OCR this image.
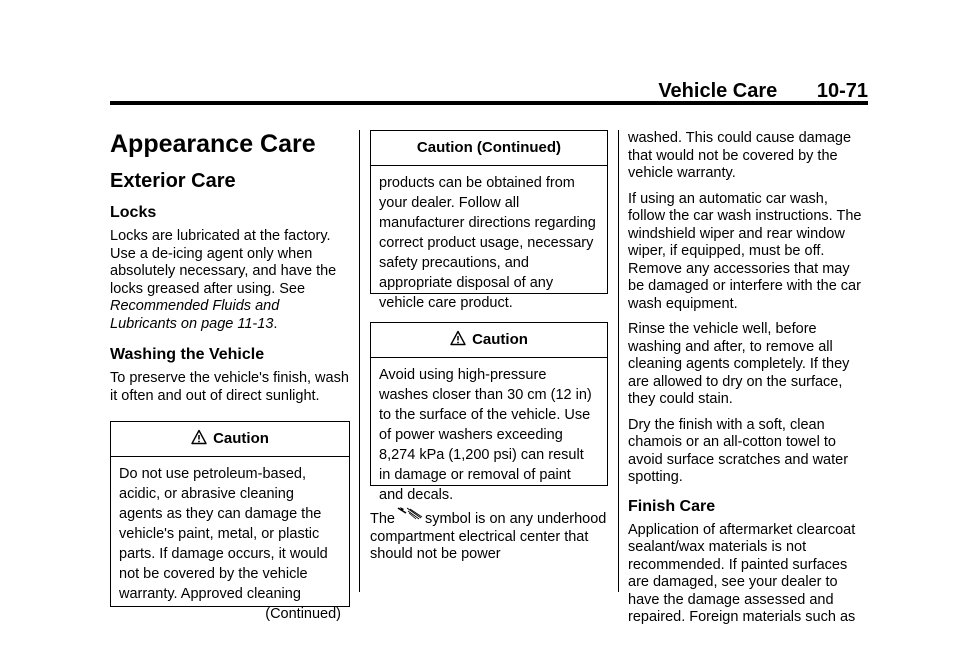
Vehicle Care 10-71
Appearance Care
Exterior Care
Locks

Locks are lubricated at the factory. Use a de-icing agent only when absolutely necessary, and have the locks greased after using. See Recommended Fluids and Lubricants on page 11-13.

Washing the Vehicle

To preserve the vehicle's finish, wash it often and out of direct sunlight.

Caution
Do not use petroleum-based, acidic, or abrasive cleaning agents as they can damage the vehicle's paint, metal, or plastic parts. If damage occurs, it would not be covered by the vehicle warranty. Approved cleaning
(Continued)
Caution (Continued)
products can be obtained from your dealer. Follow all manufacturer directions regarding correct product usage, necessary safety precautions, and appropriate disposal of any vehicle care product.
Caution
Avoid using high-pressure washes closer than 30 cm (12 in) to the surface of the vehicle. Use of power washers exceeding 8,274 kPa (1,200 psi) can result in damage or removal of paint and decals.

The symbol is on any underhood compartment electrical center that should not be power

washed. This could cause damage that would not be covered by the vehicle warranty.

If using an automatic car wash, follow the car wash instructions. The windshield wiper and rear window wiper, if equipped, must be off. Remove any accessories that may be damaged or interfere with the car wash equipment.

Rinse the vehicle well, before washing and after, to remove all cleaning agents completely. If they are allowed to dry on the surface, they could stain.

Dry the finish with a soft, clean chamois or an all-cotton towel to avoid surface scratches and water spotting.

Finish Care

Application of aftermarket clearcoat sealant/wax materials is not recommended. If painted surfaces are damaged, see your dealer to have the damage assessed and repaired. Foreign materials such as
